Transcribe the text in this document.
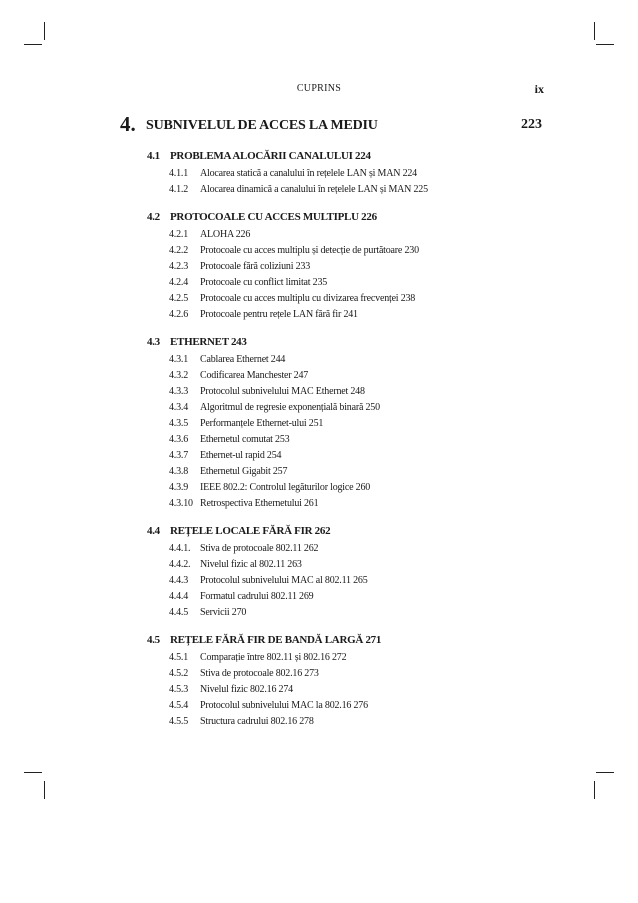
CUPRINS	ix
4. SUBNIVELUL DE ACCES LA MEDIU	223
4.1 PROBLEMA ALOCĂRII CANALULUI 224
4.1.1 Alocarea statică a canalului în rețelele LAN și MAN 224
4.1.2 Alocarea dinamică a canalului în rețelele LAN și MAN 225
4.2 PROTOCOALE CU ACCES MULTIPLU 226
4.2.1 ALOHA 226
4.2.2 Protocoale cu acces multiplu și detecție de purtătoare 230
4.2.3 Protocoale fără coliziuni 233
4.2.4 Protocoale cu conflict limitat 235
4.2.5 Protocoale cu acces multiplu cu divizarea frecvenței 238
4.2.6 Protocoale pentru rețele LAN fără fir 241
4.3 ETHERNET 243
4.3.1 Cablarea Ethernet 244
4.3.2 Codificarea Manchester 247
4.3.3 Protocolul subnivelului MAC Ethernet 248
4.3.4 Algoritmul de regresie exponențială binară 250
4.3.5 Performanțele Ethernet-ului 251
4.3.6 Ethernetul comutat 253
4.3.7 Ethernet-ul rapid 254
4.3.8 Ethernetul Gigabit 257
4.3.9 IEEE 802.2: Controlul legăturilor logice 260
4.3.10 Retrospectiva Ethernetului 261
4.4 REȚELE LOCALE FĂRĂ FIR 262
4.4.1. Stiva de protocoale 802.11 262
4.4.2. Nivelul fizic al 802.11 263
4.4.3 Protocolul subnivelului MAC al 802.11 265
4.4.4 Formatul cadrului 802.11 269
4.4.5 Servicii 270
4.5 REȚELE FĂRĂ FIR DE BANDĂ LARGĂ 271
4.5.1 Comparație între 802.11 și 802.16 272
4.5.2 Stiva de protocoale 802.16 273
4.5.3 Nivelul fizic 802.16 274
4.5.4 Protocolul subnivelului MAC la 802.16 276
4.5.5 Structura cadrului 802.16 278
